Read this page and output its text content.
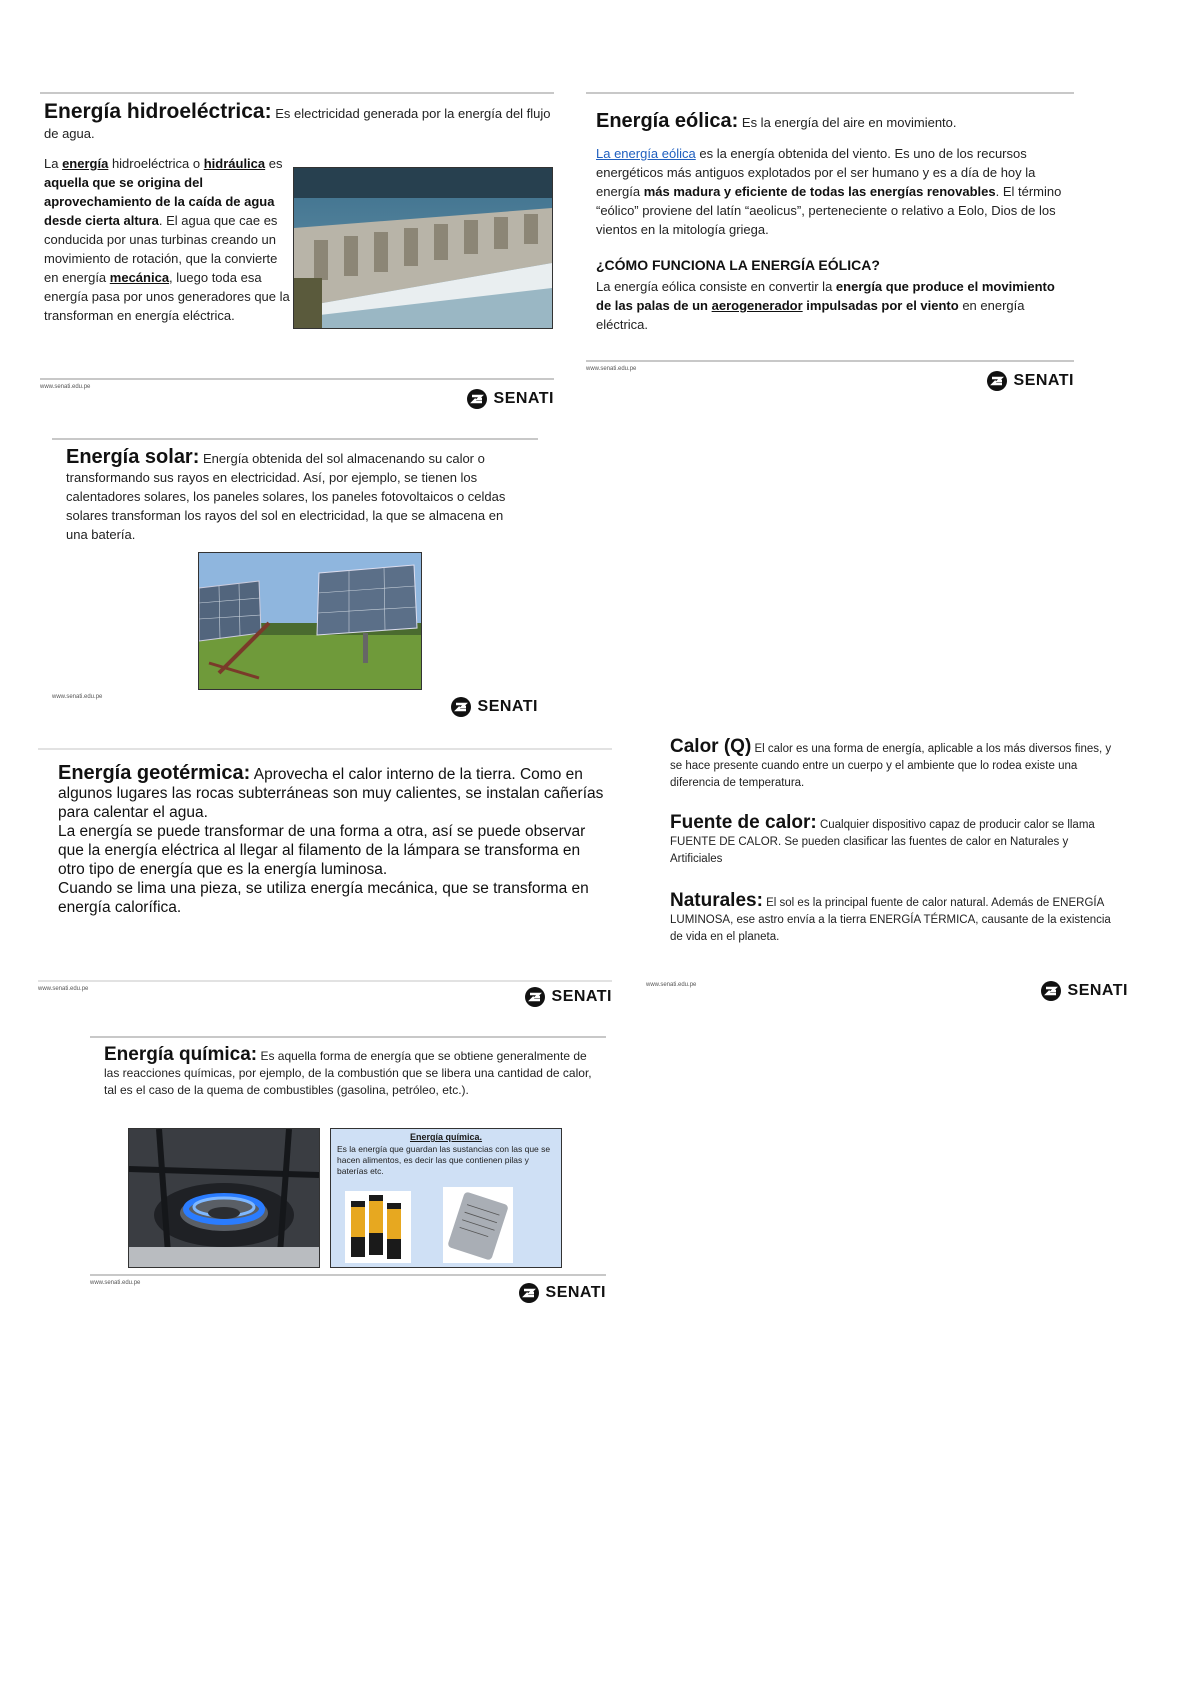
Energía hidroeléctrica: Es electricidad generada por la energía del flujo de agua.

La energía hidroeléctrica o hidráulica es aquella que se origina del aprovechamiento de la caída de agua desde cierta altura. El agua que cae es conducida por unas turbinas creando un movimiento de rotación, que la convierte en energía mecánica, luego toda esa energía pasa por unos generadores que la transforman en energía eléctrica.

www.senati.edu.pe
SENATI

Energía eólica: Es la energía del aire en movimiento.

La energía eólica es la energía obtenida del viento. Es uno de los recursos energéticos más antiguos explotados por el ser humano y es a día de hoy la energía más madura y eficiente de todas las energías renovables. El término “eólico” proviene del latín “aeolicus”, perteneciente o relativo a Eolo, Dios de los vientos en la mitología griega.

¿CÓMO FUNCIONA LA ENERGÍA EÓLICA?

La energía eólica consiste en convertir la energía que produce el movimiento de las palas de un aerogenerador impulsadas por el viento en energía eléctrica.

www.senati.edu.pe
SENATI

Energía solar: Energía obtenida del sol almacenando su calor o transformando sus rayos en electricidad. Así, por ejemplo, se tienen los calentadores solares, los paneles solares, los paneles fotovoltaicos o celdas solares transforman los rayos del sol en electricidad, la que se almacena en una batería.

www.senati.edu.pe
SENATI

Energía geotérmica: Aprovecha el calor interno de la tierra. Como en algunos lugares las rocas subterráneas son muy calientes, se instalan cañerías para calentar el agua.
La energía se puede transformar de una forma a otra, así se puede observar que la energía eléctrica al llegar al filamento de la lámpara se transforma en otro tipo de energía que es la energía luminosa.
Cuando se lima una pieza, se utiliza energía mecánica, que se transforma en energía calorífica.

www.senati.edu.pe	SENATI

Calor (Q) El calor es una forma de energía, aplicable a los más diversos fines, y se hace presente cuando entre un cuerpo y el ambiente que lo rodea existe una diferencia de temperatura.

Fuente de calor: Cualquier dispositivo capaz de producir calor se llama FUENTE DE CALOR. Se pueden clasificar las fuentes de calor en Naturales y Artificiales

Naturales: El sol es la principal fuente de calor natural. Además de ENERGÍA LUMINOSA, ese astro envía a la tierra ENERGÍA TÉRMICA, causante de la existencia de vida en el planeta.

www.senati.edu.pe	SENATI

Energía química: Es aquella forma de energía que se obtiene generalmente de las reacciones químicas, por ejemplo, de la combustión que se libera una cantidad de calor, tal es el caso de la quema de combustibles (gasolina, petróleo, etc.).

Energía química.

Es la energía que guardan las sustancias con las que se hacen alimentos, es decir las que contienen pilas y baterías etc.

www.senati.edu.pe
SENATI
